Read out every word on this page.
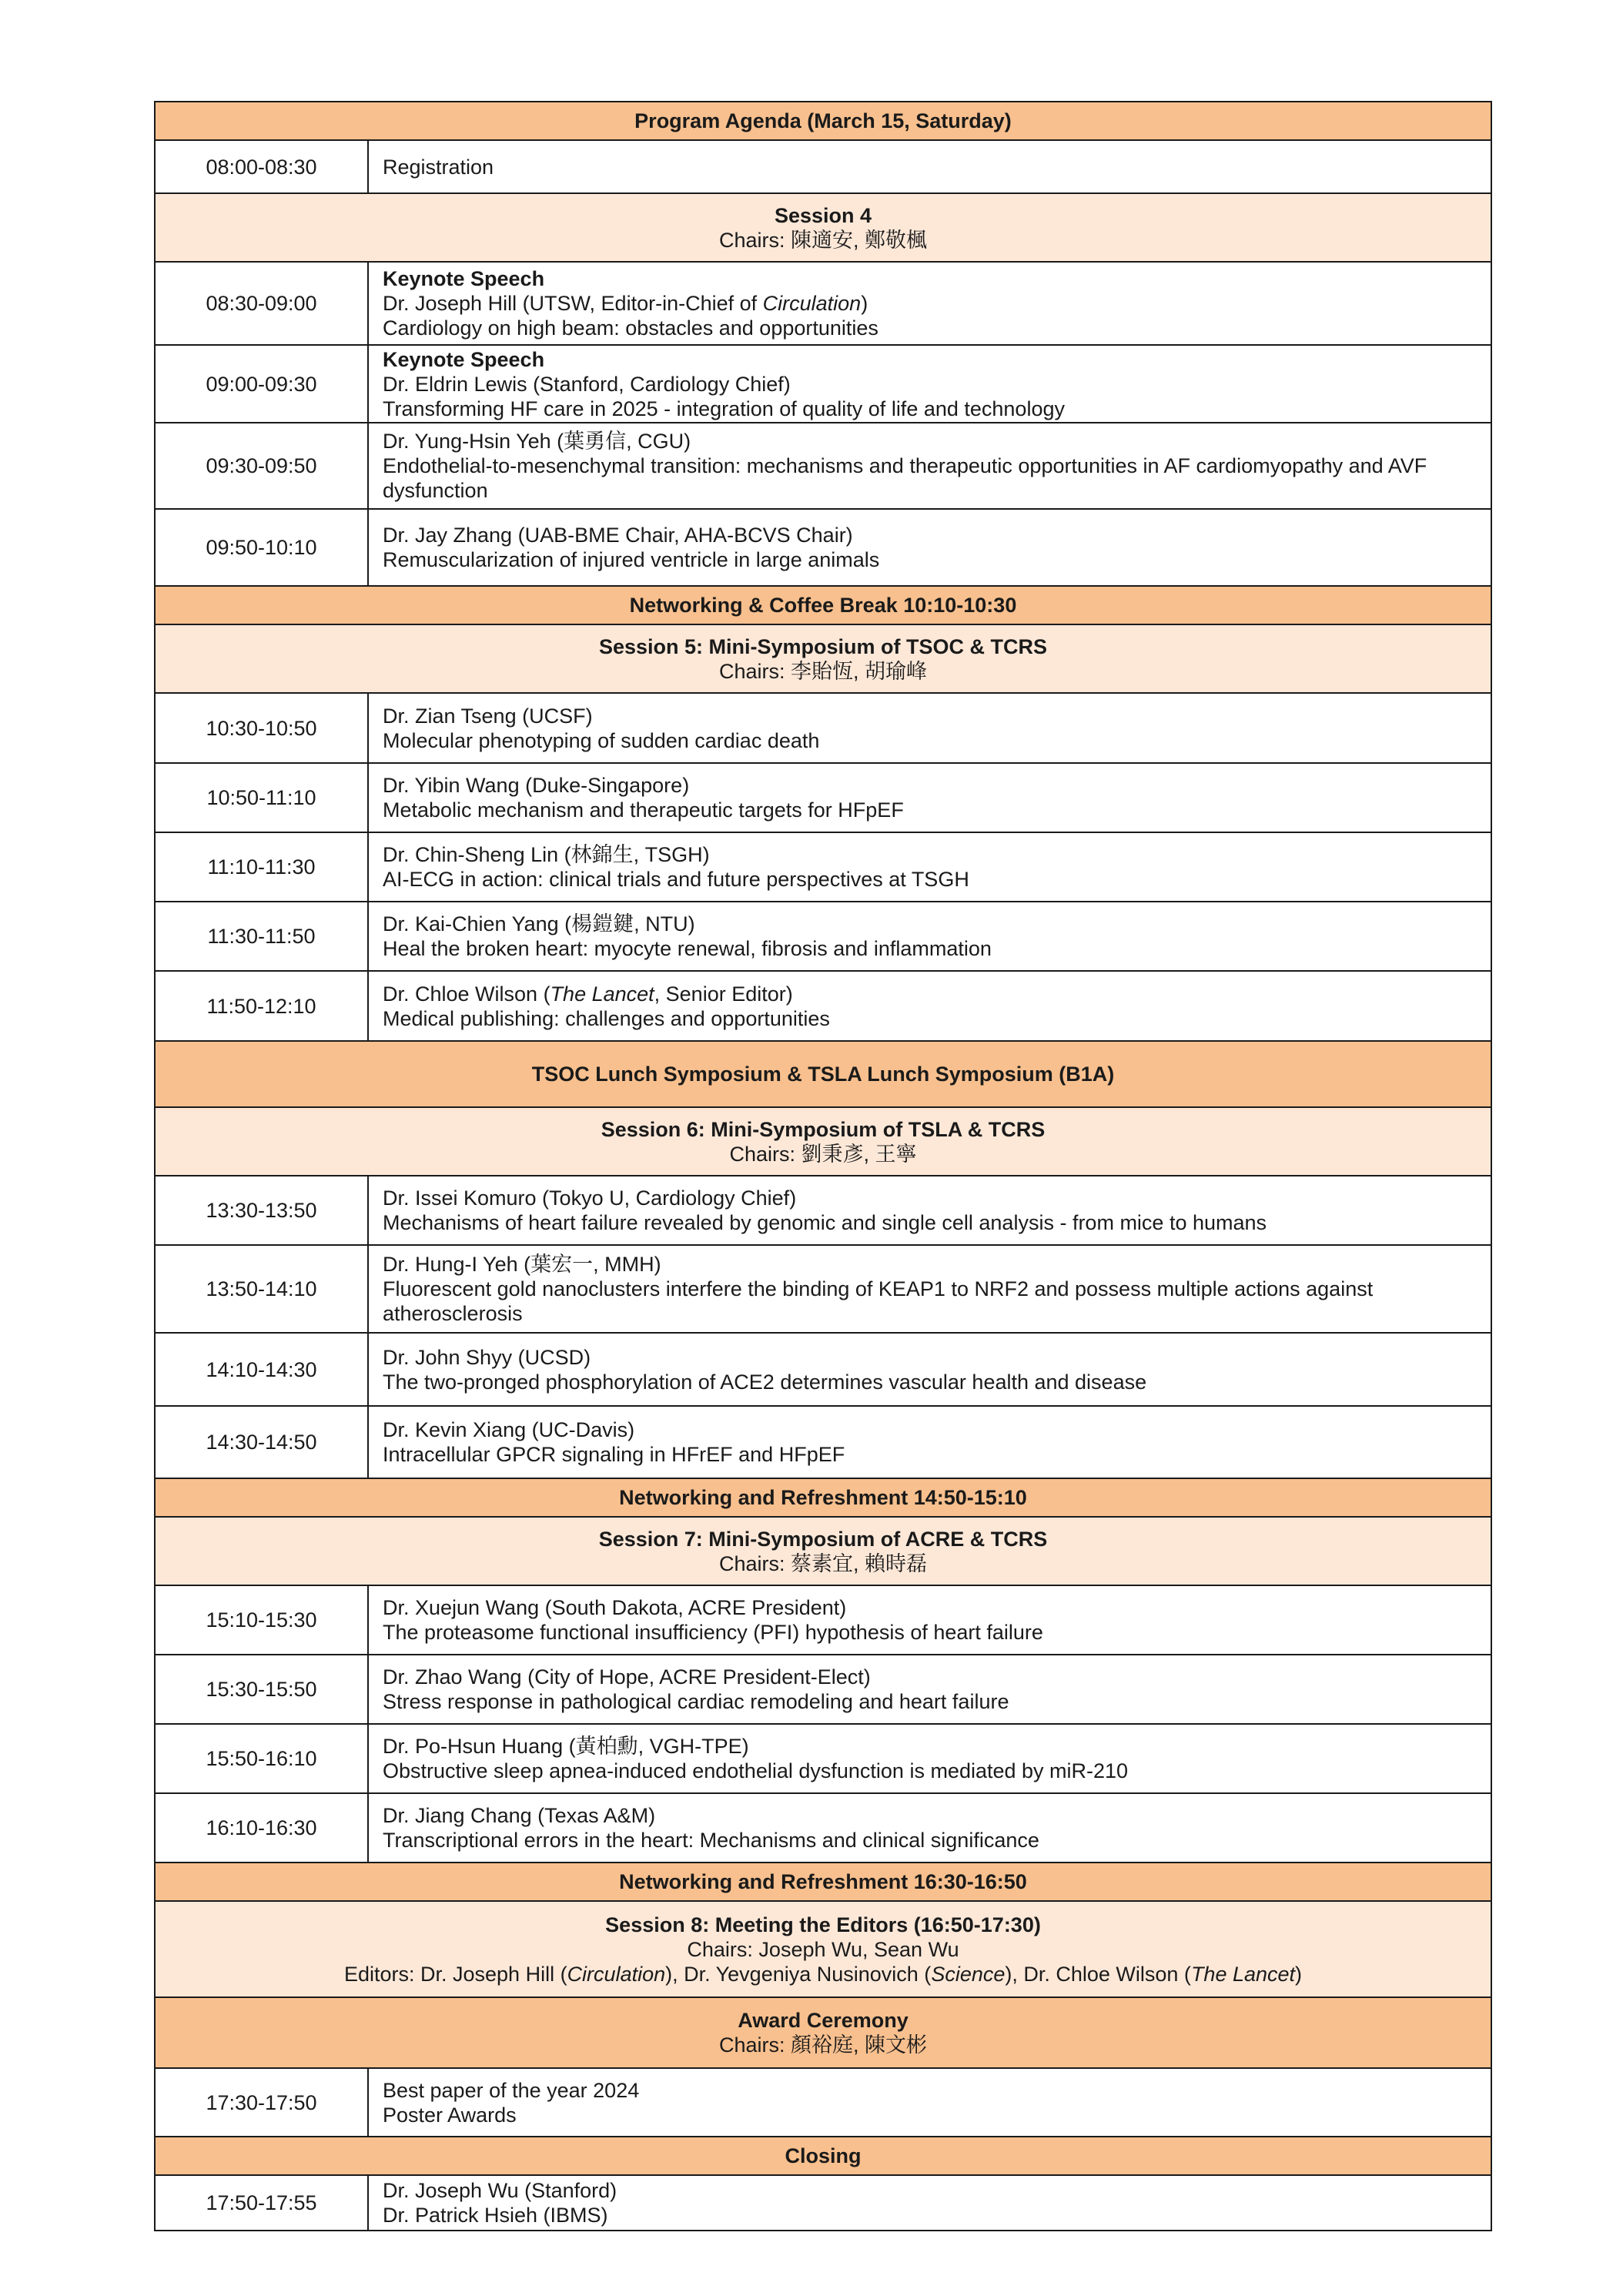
Program Agenda (March 15, Saturday)	
08:00-08:30	Registration

Session 4
Chairs: 陳適安, 鄭敬楓	

08:30-09:00	Keynote Speech
Dr. Joseph Hill (UTSW, Editor-in-Chief of Circulation)
Cardiology on high beam: obstacles and opportunities

09:00-09:30	Keynote Speech
Dr. Eldrin Lewis (Stanford, Cardiology Chief)
Transforming HF care in 2025 - integration of quality of life and technology

09:30-09:50	Dr. Yung-Hsin Yeh (葉勇信, CGU)
Endothelial-to-mesenchymal transition: mechanisms and therapeutic opportunities in AF cardiomyopathy and AVF dysfunction

09:50-10:10	Dr. Jay Zhang (UAB-BME Chair, AHA-BCVS Chair)
Remuscularization of injured ventricle in large animals

Networking & Coffee Break 10:10-10:30	

Session 5: Mini-Symposium of TSOC & TCRS
Chairs: 李貽恆, 胡瑜峰	

10:30-10:50	Dr. Zian Tseng (UCSF)
Molecular phenotyping of sudden cardiac death

10:50-11:10	Dr. Yibin Wang (Duke-Singapore)
Metabolic mechanism and therapeutic targets for HFpEF

11:10-11:30	Dr. Chin-Sheng Lin (林錦生, TSGH)
AI-ECG in action: clinical trials and future perspectives at TSGH

11:30-11:50	Dr. Kai-Chien Yang (楊鎧鍵, NTU)
Heal the broken heart: myocyte renewal, fibrosis and inflammation

11:50-12:10	Dr. Chloe Wilson (The Lancet, Senior Editor)
Medical publishing: challenges and opportunities

TSOC Lunch Symposium & TSLA Lunch Symposium (B1A)	

Session 6: Mini-Symposium of TSLA & TCRS
Chairs: 劉秉彥, 王寧	

13:30-13:50	Dr. Issei Komuro (Tokyo U, Cardiology Chief)
Mechanisms of heart failure revealed by genomic and single cell analysis - from mice to humans

13:50-14:10	Dr. Hung-I Yeh (葉宏一, MMH)
Fluorescent gold nanoclusters interfere the binding of KEAP1 to NRF2 and possess multiple actions against atherosclerosis

14:10-14:30	Dr. John Shyy (UCSD)
The two-pronged phosphorylation of ACE2 determines vascular health and disease

14:30-14:50	Dr. Kevin Xiang (UC-Davis)
Intracellular GPCR signaling in HFrEF and HFpEF

Networking and Refreshment 14:50-15:10	

Session 7: Mini-Symposium of ACRE & TCRS
Chairs: 蔡素宜, 賴時磊	

15:10-15:30	Dr. Xuejun Wang (South Dakota, ACRE President)
The proteasome functional insufficiency (PFI) hypothesis of heart failure

15:30-15:50	Dr. Zhao Wang (City of Hope, ACRE President-Elect)
Stress response in pathological cardiac remodeling and heart failure

15:50-16:10	Dr. Po-Hsun Huang (黃柏勳, VGH-TPE)
Obstructive sleep apnea-induced endothelial dysfunction is mediated by miR-210

16:10-16:30	Dr. Jiang Chang (Texas A&M)
Transcriptional errors in the heart: Mechanisms and clinical significance

Networking and Refreshment 16:30-16:50	

Session 8: Meeting the Editors (16:50-17:30)
Chairs: Joseph Wu, Sean Wu
Editors: Dr. Joseph Hill (Circulation), Dr. Yevgeniya Nusinovich (Science), Dr. Chloe Wilson (The Lancet)	

Award Ceremony
Chairs: 顏裕庭, 陳文彬	

17:30-17:50	Best paper of the year 2024
Poster Awards

Closing	
17:50-17:55	Dr. Joseph Wu (Stanford)
Dr. Patrick Hsieh (IBMS)
